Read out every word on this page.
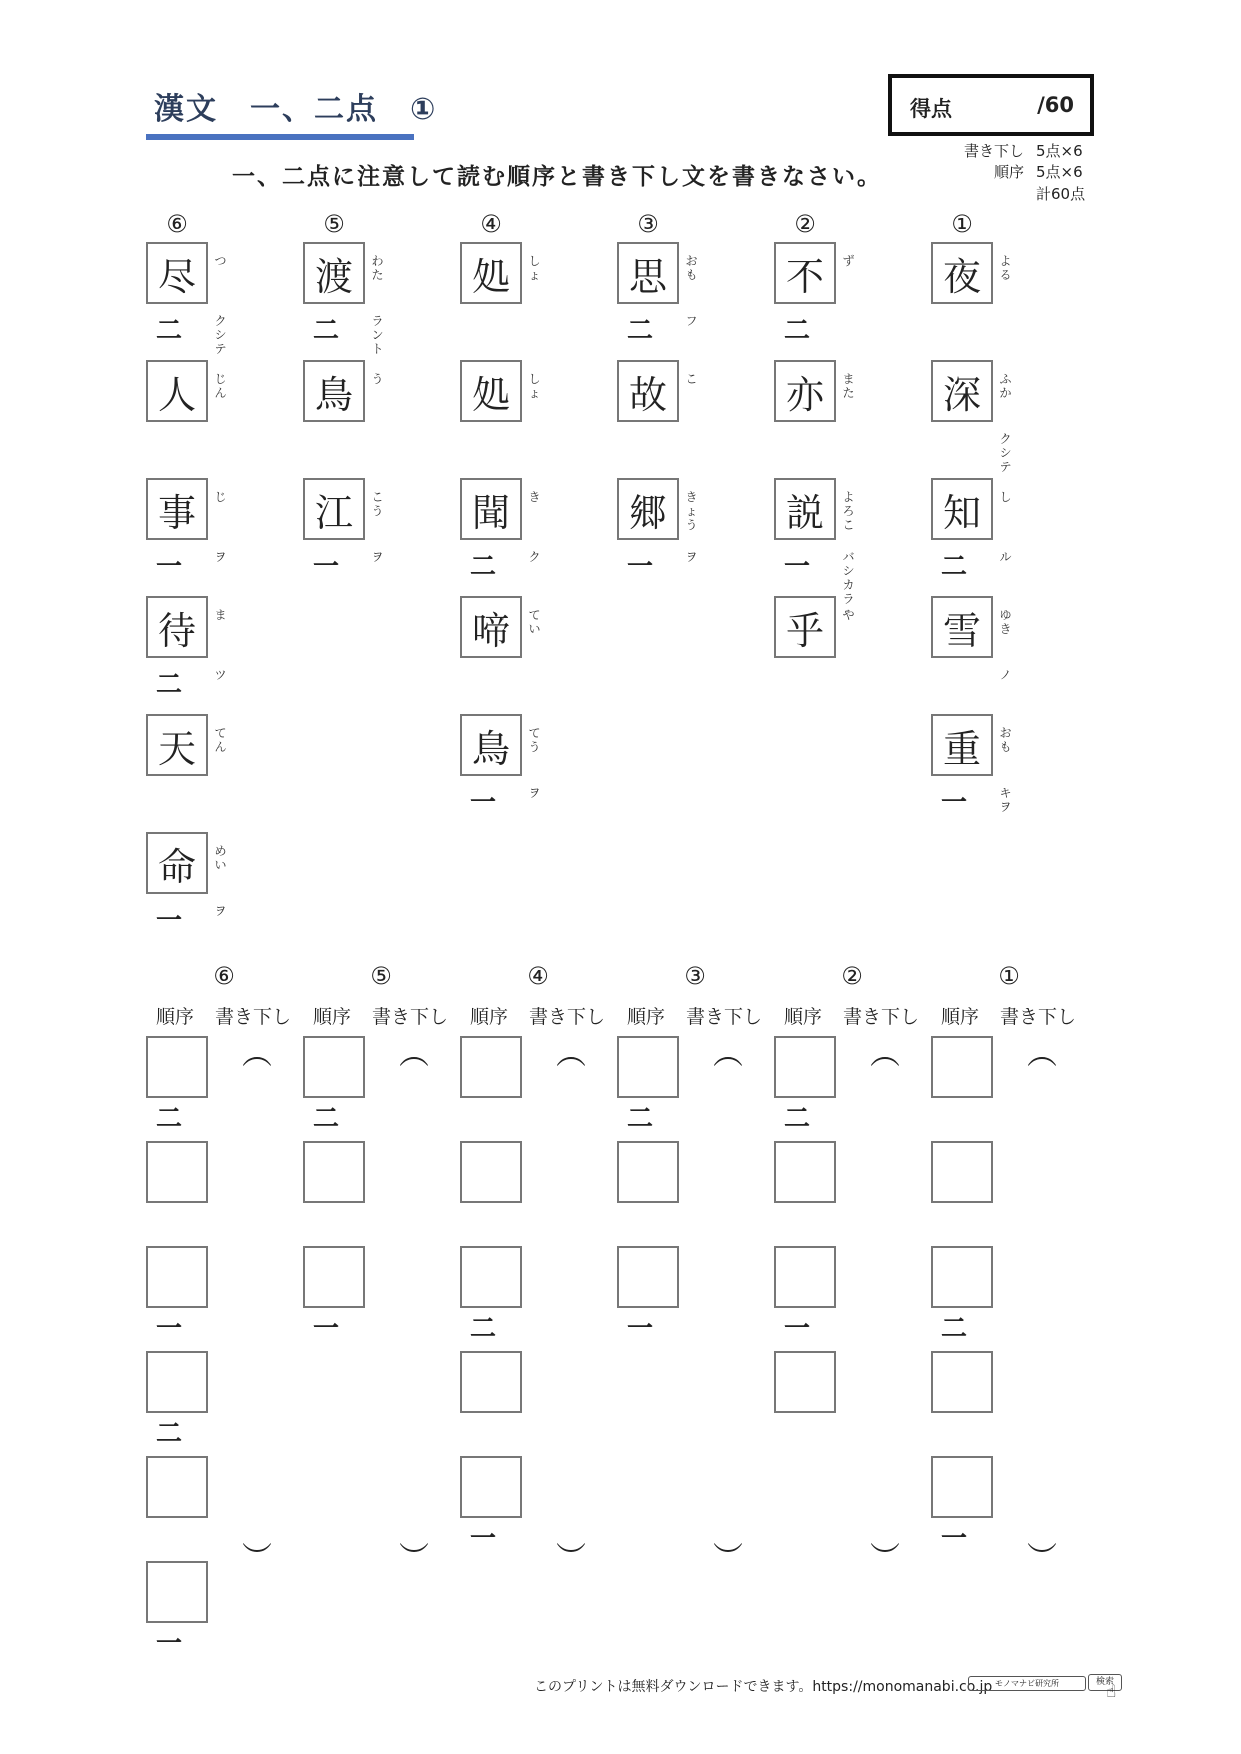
漢文　一、二点　①
一、二点に注意して読む順序と書き下し文を書きなさい。
得点	/60
書き下し 5点×6
順序 5点×6
計60点
⑥
尽	つ
二	クシテ
人	じん
事	じ
一	ヲ
待	ま
二	ツ
天	てん
命	めい
一	ヲ
⑤
渡	わた
二	ラント
鳥	う
江	こう
一	ヲ
④
処	しょ
処	しょ
聞	き
二	ク
啼	てい
鳥	てう
一	ヲ
③
思	おも
二	フ
故	こ
郷	きょう
一	ヲ
②
不	ず
二
亦	また
説	よろこ
一	バシカラ
乎	や
①
夜	よる
深	ふか
クシテ
知	し
二	ル
雪	ゆき
ノ
重	おも
一	キヲ
⑥
順序 書き下し
︵
︶
二
一
二
一
⑤
順序 書き下し
︵
︶
二
一
④
順序 書き下し
︵
︶
二
一
③
順序 書き下し
︵
︶
二
一
②
順序 書き下し
︵
︶
二
一
①
順序 書き下し
︵
︶
二
一
このプリントは無料ダウンロードできます。https://monomanabi.co.jp モノマナビ研究所	検索
☝
